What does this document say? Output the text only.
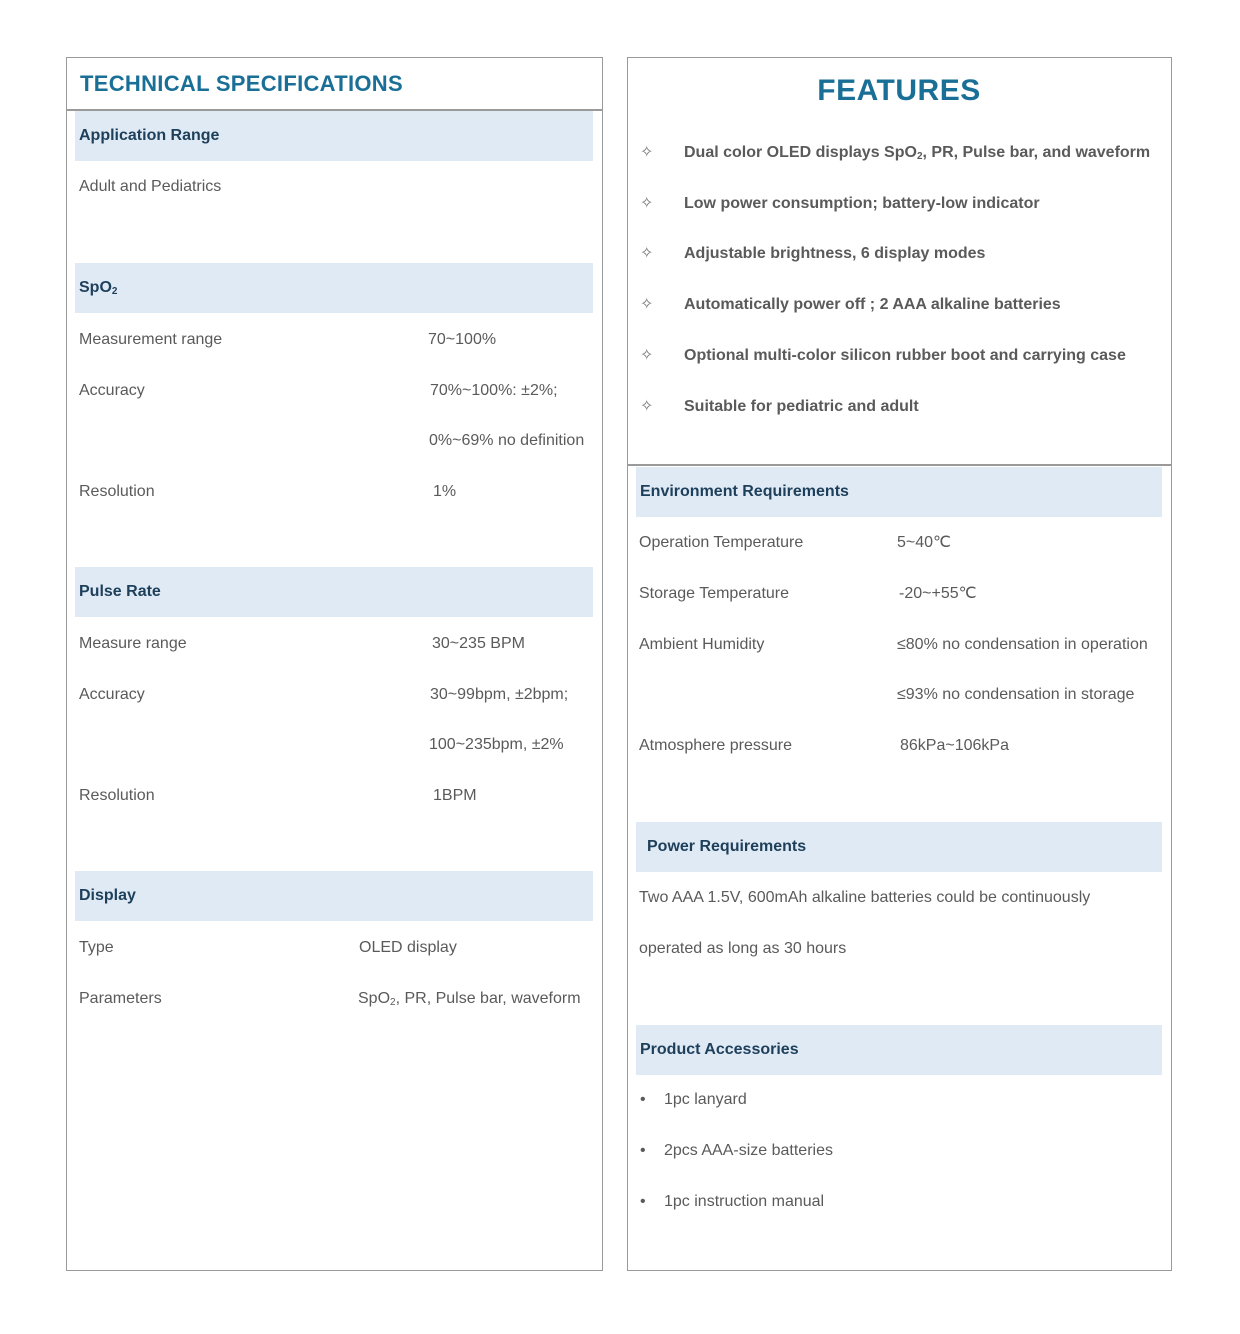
TECHNICAL SPECIFICATIONS
Application Range
Adult and Pediatrics
SpO$_2$
Measurement range	70~100%
Accuracy	70%~100%: ±2%;
0%~69% no definition
Resolution	1%
Pulse Rate
Measure range	30~235 BPM
Accuracy	30~99bpm, ±2bpm;
100~235bpm, ±2%
Resolution	1BPM
Display
Type	OLED display
Parameters	SpO$_2$, PR, Pulse bar, waveform
FEATURES
✧ Dual color OLED displays SpO$_2$, PR, Pulse bar, and waveform
✧ Low power consumption; battery-low indicator
✧ Adjustable brightness, 6 display modes
✧ Automatically power off ; 2 AAA alkaline batteries
✧ Optional multi-color silicon rubber boot and carrying case
✧ Suitable for pediatric and adult
Environment Requirements
Operation Temperature	5~40℃
Storage Temperature	-20~+55℃
Ambient Humidity	≤80% no condensation in operation
≤93% no condensation in storage
Atmosphere pressure	86kPa~106kPa
Power Requirements
Two AAA 1.5V, 600mAh alkaline batteries could be continuously
operated as long as 30 hours
Product Accessories
• 1pc lanyard
• 2pcs AAA-size batteries
• 1pc instruction manual
